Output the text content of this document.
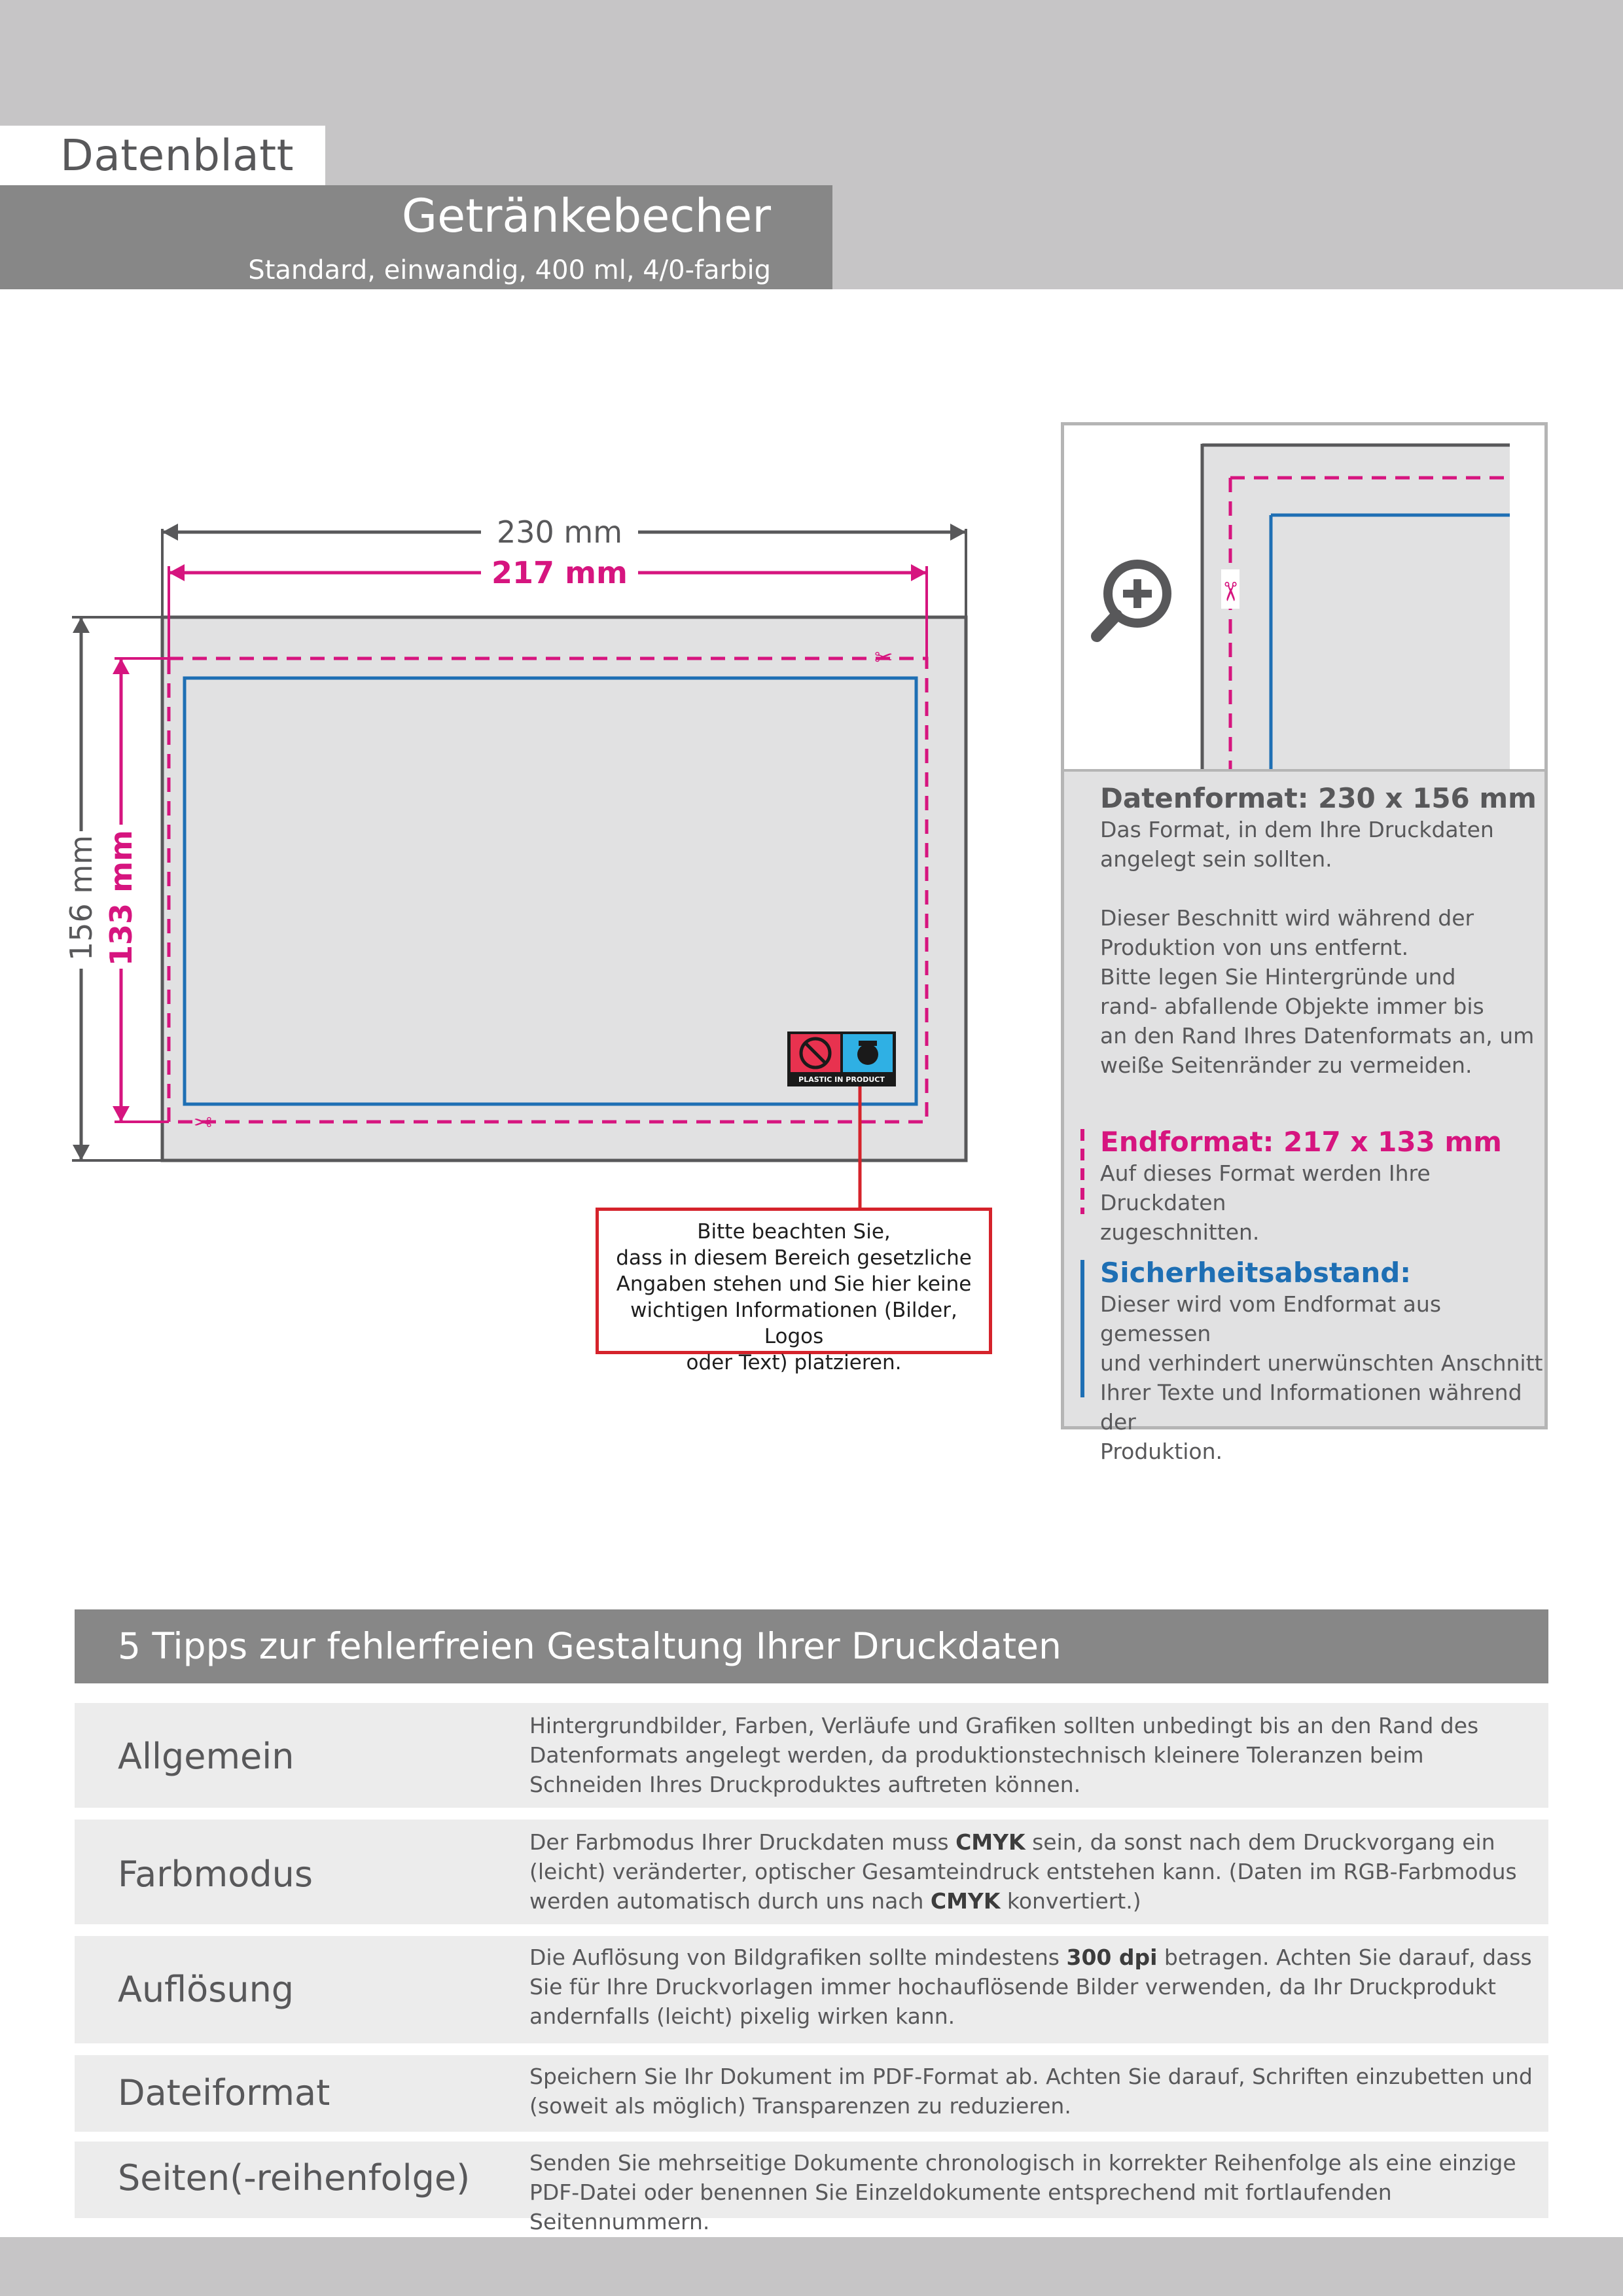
Datenblatt
Getränkebecher
Standard, einwandig, 400 ml, 4/0-farbig
✂
✂
230 mm
217 mm
156 mm 133 mm
PLASTIC IN PRODUCT
Bitte beachten Sie,
dass in diesem Bereich gesetzliche
Angaben stehen und Sie hier keine
wichtigen Informationen (Bilder, Logos
oder Text) platzieren.
✂
Datenformat: 230 x 156 mm

Das Format, in dem Ihre Druckdaten
angelegt sein sollten.

Dieser Beschnitt wird während der
Produktion von uns entfernt.
Bitte legen Sie Hintergründe und
rand- abfallende Objekte immer bis
an den Rand Ihres Datenformats an, um
weiße Seitenränder zu vermeiden.

Endformat: 217 x 133 mm

Auf dieses Format werden Ihre Druckdaten
zugeschnitten.

Sicherheitsabstand:

Dieser wird vom Endformat aus gemessen
und verhindert unerwünschten Anschnitt
Ihrer Texte und Informationen während der
Produktion.

5 Tipps zur fehlerfreien Gestaltung Ihrer Druckdaten
Allgemein
Hintergrundbilder, Farben, Verläufe und Grafiken sollten unbedingt bis an den Rand des Datenformats angelegt werden, da produktionstechnisch kleinere Toleranzen beim Schneiden Ihres Druckproduktes auftreten können.
Farbmodus
Der Farbmodus Ihrer Druckdaten muss CMYK sein, da sonst nach dem Druckvorgang ein (leicht) veränderter, optischer Gesamteindruck entstehen kann. (Daten im RGB-Farbmodus werden automatisch durch uns nach CMYK konvertiert.)
Auflösung
Die Auflösung von Bildgrafiken sollte mindestens 300 dpi betragen. Achten Sie darauf, dass Sie für Ihre Druckvorlagen immer hochauflösende Bilder verwenden, da Ihr Druckprodukt andernfalls (leicht) pixelig wirken kann.
Dateiformat	Speichern Sie Ihr Dokument im PDF-Format ab. Achten Sie darauf, Schriften einzubetten und (soweit als möglich) Transparenzen zu reduzieren.
Seiten(-reihenfolge)	Senden Sie mehrseitige Dokumente chronologisch in korrekter Reihenfolge als eine einzige PDF-Datei oder benennen Sie Einzeldokumente entsprechend mit fortlaufenden Seitennummern.
